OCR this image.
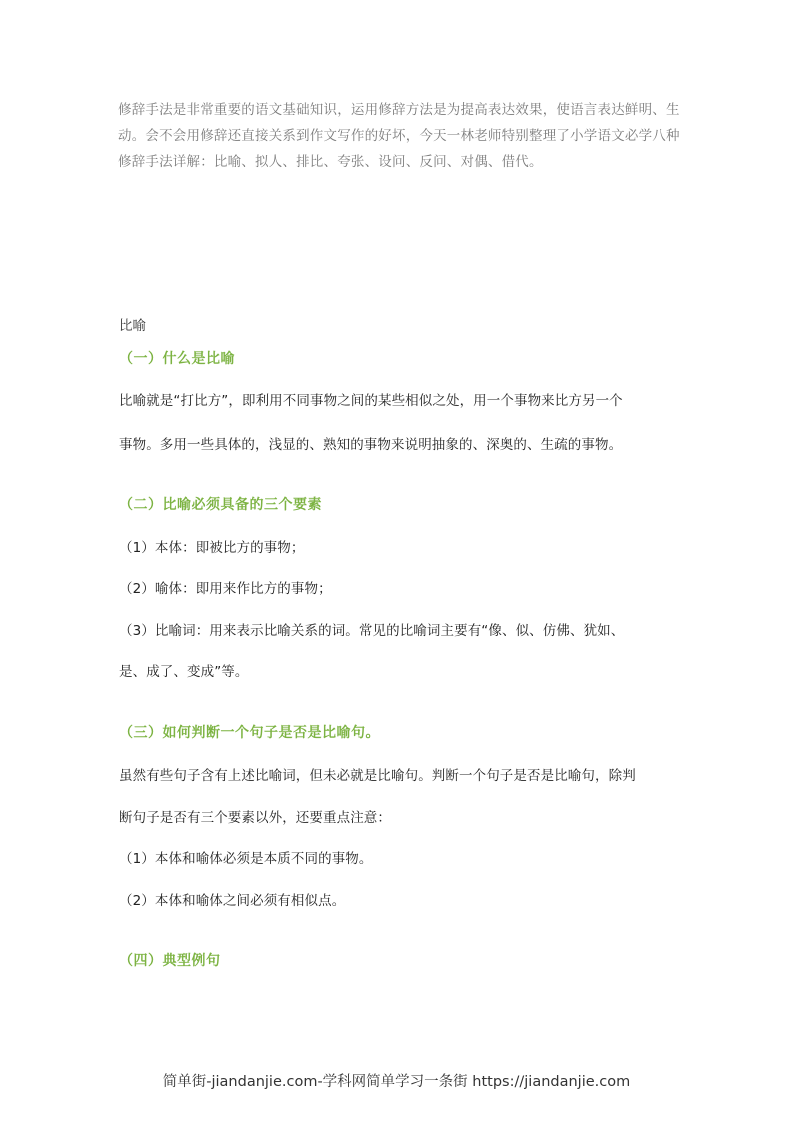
修辞手法是非常重要的语文基础知识，运用修辞方法是为提高表达效果，使语言表达鲜明、生动。会不会用修辞还直接关系到作文写作的好坏，今天一林老师特别整理了小学语文必学八种修辞手法详解：比喻、拟人、排比、夸张、设问、反问、对偶、借代。
比喻
（一）什么是比喻
比喻就是“打比方”，即利用不同事物之间的某些相似之处，用一个事物来比方另一个
事物。多用一些具体的，浅显的、熟知的事物来说明抽象的、深奥的、生疏的事物。
（二）比喻必须具备的三个要素
（1）本体：即被比方的事物；
（2）喻体：即用来作比方的事物；
（3）比喻词：用来表示比喻关系的词。常见的比喻词主要有“像、似、仿佛、犹如、
是、成了、变成”等。
（三）如何判断一个句子是否是比喻句。
虽然有些句子含有上述比喻词，但未必就是比喻句。判断一个句子是否是比喻句，除判
断句子是否有三个要素以外，还要重点注意：
（1）本体和喻体必须是本质不同的事物。
（2）本体和喻体之间必须有相似点。
（四）典型例句
简单街-jiandanjie.com-学科网简单学习一条街 https://jiandanjie.com
